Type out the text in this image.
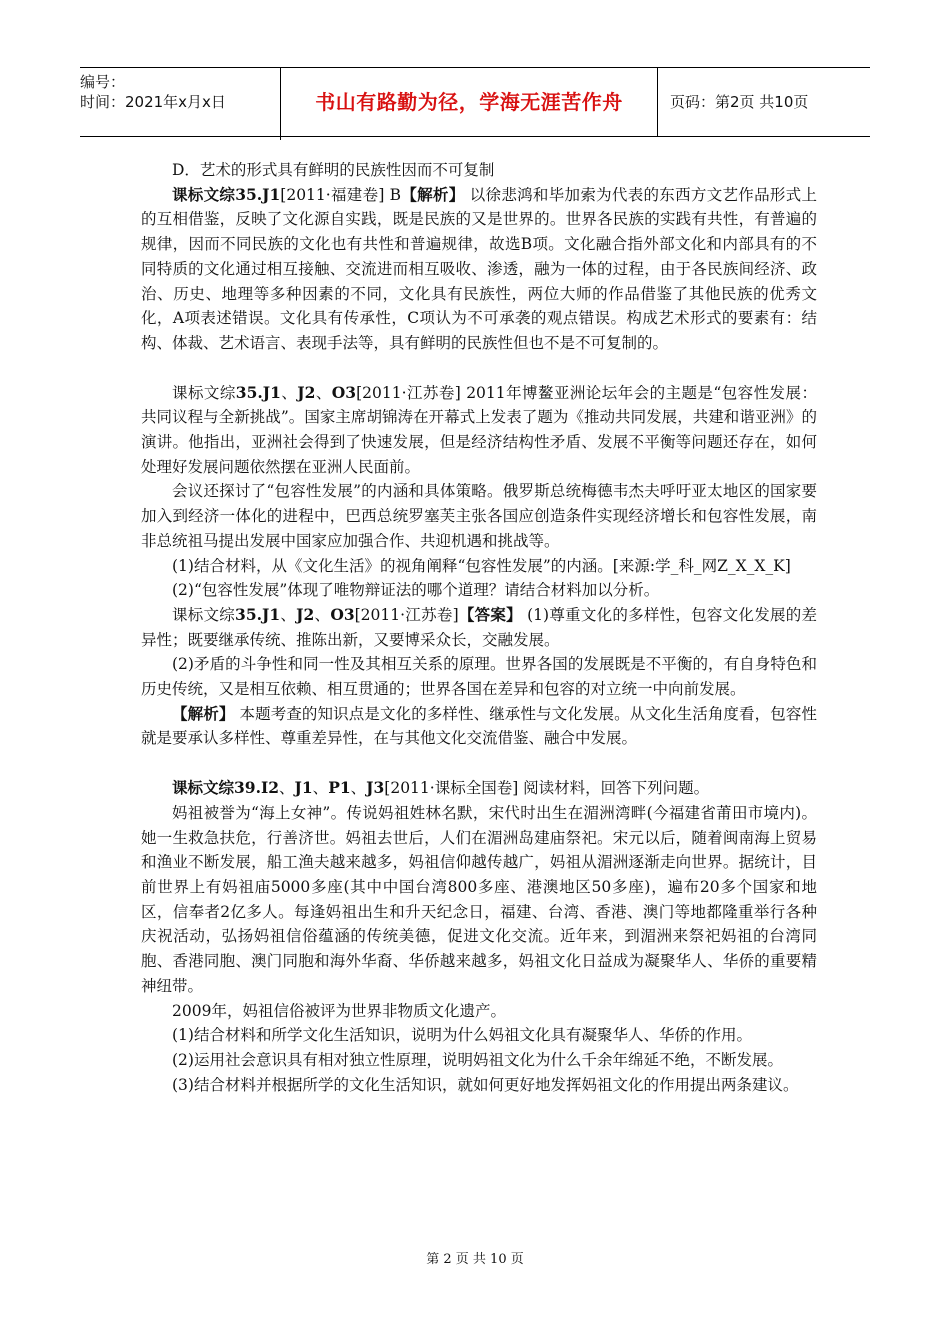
编号：
时间：2021年x月x日	书山有路勤为径，学海无涯苦作舟	页码：第2页 共10页

D．艺术的形式具有鲜明的民族性因而不可复制

课标文综35.J1[2011·福建卷] B【解析】 以徐悲鸿和毕加索为代表的东西方文艺作品形式上的互相借鉴，反映了文化源自实践，既是民族的又是世界的。世界各民族的实践有共性，有普遍的规律，因而不同民族的文化也有共性和普遍规律，故选B项。文化融合指外部文化和内部具有的不同特质的文化通过相互接触、交流进而相互吸收、渗透，融为一体的过程，由于各民族间经济、政治、历史、地理等多种因素的不同，文化具有民族性，两位大师的作品借鉴了其他民族的优秀文化，A项表述错误。文化具有传承性，C项认为不可承袭的观点错误。构成艺术形式的要素有：结构、体裁、艺术语言、表现手法等，具有鲜明的民族性但也不是不可复制的。

课标文综35.J1、J2、O3[2011·江苏卷] 2011年博鳌亚洲论坛年会的主题是“包容性发展：共同议程与全新挑战”。国家主席胡锦涛在开幕式上发表了题为《推动共同发展，共建和谐亚洲》的演讲。他指出，亚洲社会得到了快速发展，但是经济结构性矛盾、发展不平衡等问题还存在，如何处理好发展问题依然摆在亚洲人民面前。

会议还探讨了“包容性发展”的内涵和具体策略。俄罗斯总统梅德韦杰夫呼吁亚太地区的国家要加入到经济一体化的进程中，巴西总统罗塞芙主张各国应创造条件实现经济增长和包容性发展，南非总统祖马提出发展中国家应加强合作、共迎机遇和挑战等。

(1)结合材料，从《文化生活》的视角阐释“包容性发展”的内涵。[来源:学_科_网Z_X_X_K]

(2)“包容性发展”体现了唯物辩证法的哪个道理？请结合材料加以分析。

课标文综35.J1、J2、O3[2011·江苏卷]【答案】 (1)尊重文化的多样性，包容文化发展的差异性；既要继承传统、推陈出新，又要博采众长，交融发展。

(2)矛盾的斗争性和同一性及其相互关系的原理。世界各国的发展既是不平衡的，有自身特色和历史传统，又是相互依赖、相互贯通的；世界各国在差异和包容的对立统一中向前发展。

【解析】 本题考查的知识点是文化的多样性、继承性与文化发展。从文化生活角度看，包容性就是要承认多样性、尊重差异性，在与其他文化交流借鉴、融合中发展。

课标文综39.I2、J1、P1、J3[2011·课标全国卷] 阅读材料，回答下列问题。

妈祖被誉为“海上女神”。传说妈祖姓林名默，宋代时出生在湄洲湾畔(今福建省莆田市境内)。她一生救急扶危，行善济世。妈祖去世后，人们在湄洲岛建庙祭祀。宋元以后，随着闽南海上贸易和渔业不断发展，船工渔夫越来越多，妈祖信仰越传越广，妈祖从湄洲逐渐走向世界。据统计，目前世界上有妈祖庙5000多座(其中中国台湾800多座、港澳地区50多座)，遍布20多个国家和地区，信奉者2亿多人。每逢妈祖出生和升天纪念日，福建、台湾、香港、澳门等地都隆重举行各种庆祝活动，弘扬妈祖信俗蕴涵的传统美德，促进文化交流。近年来，到湄洲来祭祀妈祖的台湾同胞、香港同胞、澳门同胞和海外华裔、华侨越来越多，妈祖文化日益成为凝聚华人、华侨的重要精神纽带。

2009年，妈祖信俗被评为世界非物质文化遗产。

(1)结合材料和所学文化生活知识，说明为什么妈祖文化具有凝聚华人、华侨的作用。

(2)运用社会意识具有相对独立性原理，说明妈祖文化为什么千余年绵延不绝，不断发展。

(3)结合材料并根据所学的文化生活知识，就如何更好地发挥妈祖文化的作用提出两条建议。

第 2 页 共 10 页
